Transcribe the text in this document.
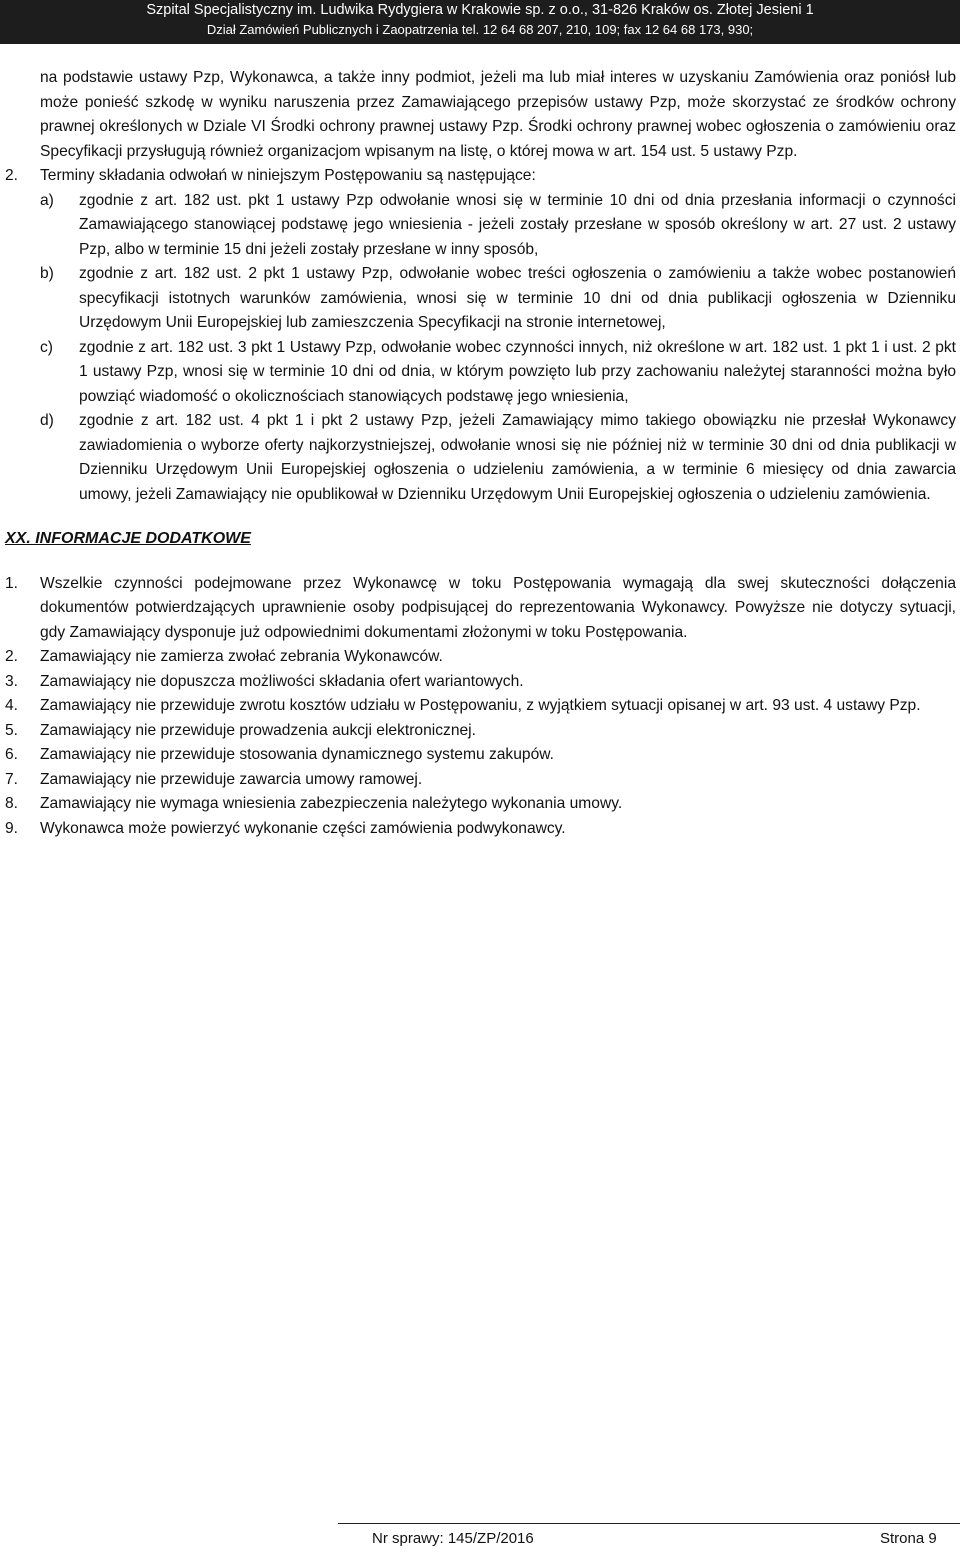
Szpital Specjalistyczny im. Ludwika Rydygiera w Krakowie sp. z o.o., 31-826 Kraków os. Złotej Jesieni 1
Dział Zamówień Publicznych i Zaopatrzenia tel. 12 64 68 207, 210, 109; fax 12 64 68 173, 930;

na podstawie ustawy Pzp, Wykonawca, a także inny podmiot, jeżeli ma lub miał interes w uzyskaniu Zamówienia oraz poniósł lub może ponieść szkodę w wyniku naruszenia przez Zamawiającego przepisów ustawy Pzp, może skorzystać ze środków ochrony prawnej określonych w Dziale VI Środki ochrony prawnej ustawy Pzp. Środki ochrony prawnej wobec ogłoszenia o zamówieniu oraz Specyfikacji przysługują również organizacjom wpisanym na listę, o której mowa w art. 154 ust. 5 ustawy Pzp.

2. Terminy składania odwołań w niniejszym Postępowaniu są następujące:
a) zgodnie z art. 182 ust. pkt 1 ustawy Pzp odwołanie wnosi się w terminie 10 dni od dnia przesłania informacji o czynności Zamawiającego stanowiącej podstawę jego wniesienia - jeżeli zostały przesłane w sposób określony w art. 27 ust. 2 ustawy Pzp, albo w terminie 15 dni jeżeli zostały przesłane w inny sposób,
b) zgodnie z art. 182 ust. 2 pkt 1 ustawy Pzp, odwołanie wobec treści ogłoszenia o zamówieniu a także wobec postanowień specyfikacji istotnych warunków zamówienia, wnosi się w terminie 10 dni od dnia publikacji ogłoszenia w Dzienniku Urzędowym Unii Europejskiej lub zamieszczenia Specyfikacji na stronie internetowej,
c) zgodnie z art. 182 ust. 3 pkt 1 Ustawy Pzp, odwołanie wobec czynności innych, niż określone w art. 182 ust. 1 pkt 1 i ust. 2 pkt 1 ustawy Pzp, wnosi się w terminie 10 dni od dnia, w którym powzięto lub przy zachowaniu należytej staranności można było powziąć wiadomość o okolicznościach stanowiących podstawę jego wniesienia,
d) zgodnie z art. 182 ust. 4 pkt 1 i pkt 2 ustawy Pzp, jeżeli Zamawiający mimo takiego obowiązku nie przesłał Wykonawcy zawiadomienia o wyborze oferty najkorzystniejszej, odwołanie wnosi się nie później niż w terminie 30 dni od dnia publikacji w Dzienniku Urzędowym Unii Europejskiej ogłoszenia o udzieleniu zamówienia, a w terminie 6 miesięcy od dnia zawarcia umowy, jeżeli Zamawiający nie opublikował w Dzienniku Urzędowym Unii Europejskiej ogłoszenia o udzieleniu zamówienia.
XX. INFORMACJE DODATKOWE
1. Wszelkie czynności podejmowane przez Wykonawcę w toku Postępowania wymagają dla swej skuteczności dołączenia dokumentów potwierdzających uprawnienie osoby podpisującej do reprezentowania Wykonawcy. Powyższe nie dotyczy sytuacji, gdy Zamawiający dysponuje już odpowiednimi dokumentami złożonymi w toku Postępowania.
2. Zamawiający nie zamierza zwołać zebrania Wykonawców.
3. Zamawiający nie dopuszcza możliwości składania ofert wariantowych.
4. Zamawiający nie przewiduje zwrotu kosztów udziału w Postępowaniu, z wyjątkiem sytuacji opisanej w art. 93 ust. 4 ustawy Pzp.
5. Zamawiający nie przewiduje prowadzenia aukcji elektronicznej.
6. Zamawiający nie przewiduje stosowania dynamicznego systemu zakupów.
7. Zamawiający nie przewiduje zawarcia umowy ramowej.
8. Zamawiający nie wymaga wniesienia zabezpieczenia należytego wykonania umowy.
9. Wykonawca może powierzyć wykonanie części zamówienia podwykonawcy.
Nr sprawy: 145/ZP/2016	Strona 9
